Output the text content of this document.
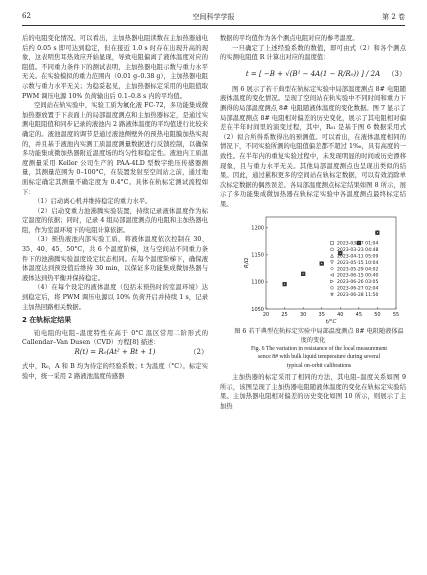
62	空间科学学报	第 2 卷

后的电阻变化情况。可以看出，主加热器电阻读数在主加热器通电后约 0.05 s 即可达到稳定，但在接近 1.0 s 时存在出现升高的现象，这表明焦耳热效应开始显现，导致电阻偏离了液体温度对应的阻值。不同重力条件下的测试表明，主加热器电阻示数与重力水平无关。在实验模拟的重力范围内（0.01 g–0.38 g），主加热器电阻示数与重力水平无关；为稳妥起见，主加热器标定采用的电阻值取 PWM 调压电源 10% 负荷输出后 0.1–0.8 s 内的平均值。

空间站在轨实验中，实验工质为氟化液 FC-72，多功能集成微加热器放置于下表面上的局部温度测点和主加热器标定，是通过实测电阻阻值和同步记录的液池内 2 路液体温度的平均值进行比较来确定的。液池温度的调节是通过液池侧壁外的预热电阻膜加热实现的，并且基于液池内实测工质温度测量数据进行反馈控制，以确保多功能集成微加热器附近温度场的均匀性和稳定性。液池内工质温度测量采用 Keller 公司生产的 PAA-4LD 型数字绝压传感器测量，其测量范围为 0–100°C，在装置发射至空间站之前，通过地面标定确定其测量不确定度为 0.4°C。具体在轨标定测试流程如下：

（1）启动离心机并维持稳定的重力水平。

（2）启动变重力池沸腾实验装置，持续记录液体温度作为标定温度的依据；同时，记录 4 组局部温度测点的电阻和主加热器电阻，作为室温环境下的电阻计算依据。

（3）预热液池内部实验工质，将液体温度依次控制在 30、35、40、45、50°C，共 6 个温度阶梯，这与空间站不同重力条件下的池沸腾实验温度设定状态相同。在每个温度阶梯下，确保液体温度达到预设值后维持 30 min，以保证多功能集成微加热器与液体达到热平衡并保持稳定。

（4）在每个设定的液体温度（包括未预热时的室温环境）达到稳定后，将 PWM 调压电源以 10% 负荷开启并持续 1 s，记录主加热回路相关数据。

2 在轨标定结果

铂电阻的电阻–温度特性在高于 0°C 温区常用二阶形式的 Callendar–Van Dusen（CVD）方程[8] 描述：

R(t) = R₀(At² + Bt + 1)	（2）

式中，R₀，A 和 B 均为待定的经验系数；t 为温度（°C）。标定实验中，统一采用 2 路液池温度传感器

数据的平均值作为各个测点电阻对应的参考温度。

一旦确定了上述经验系数的数值，即可由式（2）和各个测点的实测电阻值 R 计算出对应的温度值：

t = [ −B + √(B² − 4A(1 − R/R₀)) ] / 2A （3）

图 6 展示了若干典型在轨标定实验中局部温度测点 8# 电阻随液体温度的变化情况。呈现了空间站在轨实验中不同时间和重力下测得的局部温度测点 8# 电阻随液体温度的变化数据。图 7 显示了局部温度测点 8# 电阻相对偏差的历史变化，展示了其电阻相对偏差在半年时间里的演变过程，其中，R₀₁ 是基于图 6 数据采用式（2）拟合所得系数得出的预测值。可以看出，在液体温度相同的情况下，不同实验所测的电阻值偏差都不超过 1‰，具有高度的一致性。在半年内的重复实验过程中，未发现明显的时间或历史漂移现象，且与重力水平无关。其他局部温度测点也呈现出类似的结果。因此，通过累积更多的空间站在轨标定数据，可以有效消除单次标定数据的偶然误差。各局部温度测点标定结果如图 8 所示，展示了多功能集成微加热器在轨标定实验中各温度测点最终标定结果。

20 25 30 35 40 45 50 55
1050
1100
1150
1200
t/°C
R/Ω
2023-03-07 01:04
2023-03-23 04:48
2023-04-11 05:09
2023-05-15 10:04
2023-05-29 04:02
2023-06-15 00:40
2023-06-26 03:05
2023-06-27 02:04
2023-06-28 11:50

图 6 若干典型在轨标定实验中局部温度测点 8# 电阻随液体温度的变化

Fig. 6 The variation in resistance of the local measurement

sence 8# with bulk liquid temperature during several

typical on-orbit calibrations

主加热器的标定采用了相同的方法，其电阻–温度关系如图 9 所示，该图呈现了主加热器电阻随液体温度的变化在轨标定实验结果。主加热器电阻相对偏差的历史变化如图 10 所示，则展示了主加热
